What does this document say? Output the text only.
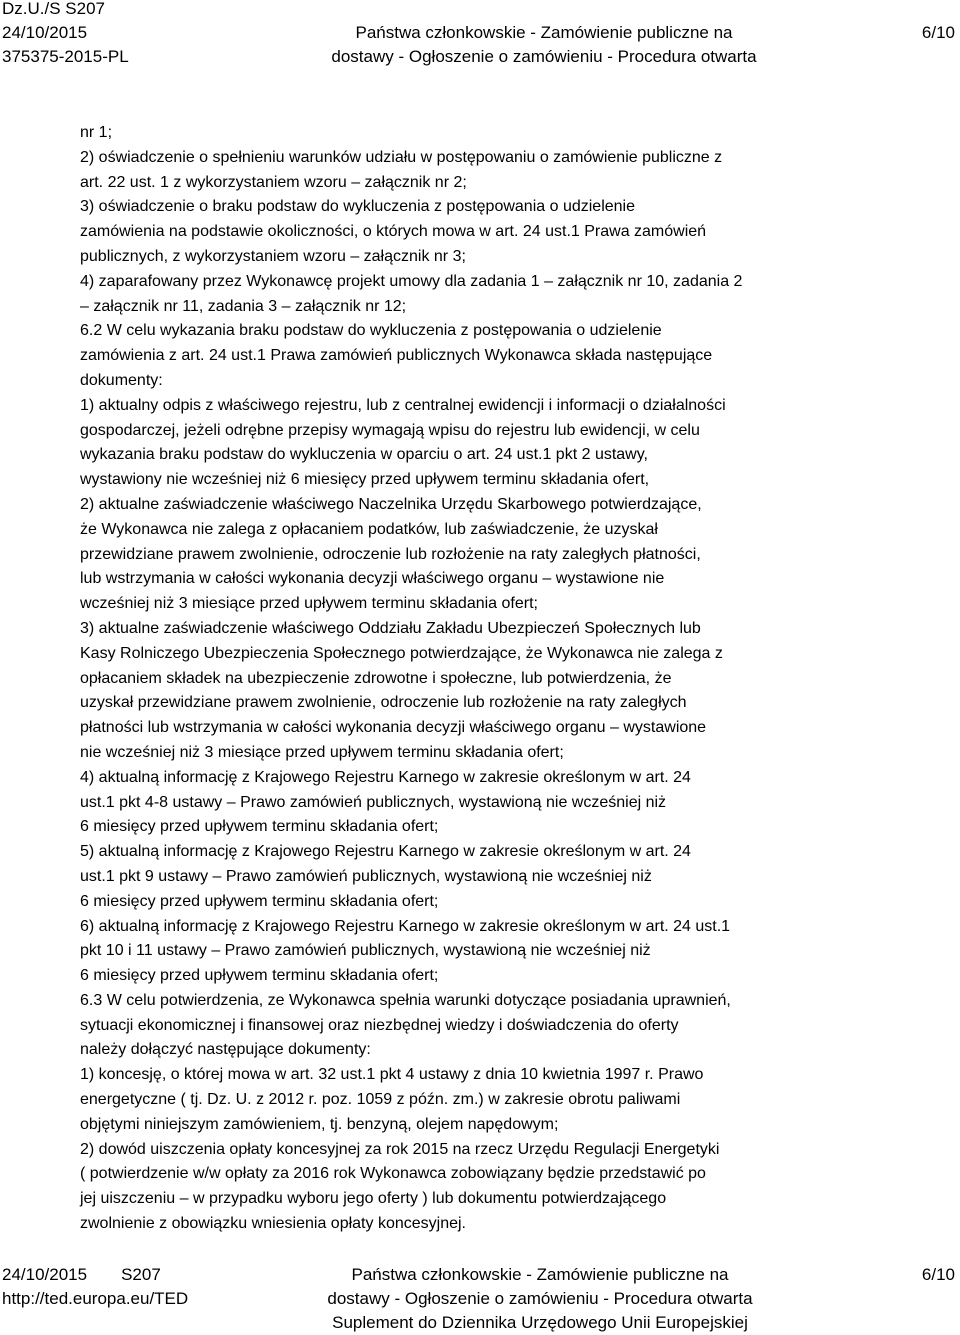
Dz.U./S S207
24/10/2015
375375-2015-PL
Państwa członkowskie - Zamówienie publiczne na
dostawy - Ogłoszenie o zamówieniu - Procedura otwarta
6/10
nr 1;
2) oświadczenie o spełnieniu warunków udziału w postępowaniu o zamówienie publiczne z
art. 22 ust. 1 z wykorzystaniem wzoru – załącznik nr 2;
3) oświadczenie o braku podstaw do wykluczenia z postępowania o udzielenie
zamówienia na podstawie okoliczności, o których mowa w art. 24 ust.1 Prawa zamówień
publicznych, z wykorzystaniem wzoru – załącznik nr 3;
4) zaparafowany przez Wykonawcę projekt umowy dla zadania 1 – załącznik nr 10, zadania 2
– załącznik nr 11, zadania 3 – załącznik nr 12;
6.2 W celu wykazania braku podstaw do wykluczenia z postępowania o udzielenie
zamówienia z art. 24 ust.1 Prawa zamówień publicznych Wykonawca składa następujące
dokumenty:
1) aktualny odpis z właściwego rejestru, lub z centralnej ewidencji i informacji o działalności
gospodarczej, jeżeli odrębne przepisy wymagają wpisu do rejestru lub ewidencji, w celu
wykazania braku podstaw do wykluczenia w oparciu o art. 24 ust.1 pkt 2 ustawy,
wystawiony nie wcześniej niż 6 miesięcy przed upływem terminu składania ofert,
2) aktualne zaświadczenie właściwego Naczelnika Urzędu Skarbowego potwierdzające,
że Wykonawca nie zalega z opłacaniem podatków, lub zaświadczenie, że uzyskał
przewidziane prawem zwolnienie, odroczenie lub rozłożenie na raty zaległych płatności,
lub wstrzymania w całości wykonania decyzji właściwego organu – wystawione nie
wcześniej niż 3 miesiące przed upływem terminu składania ofert;
3) aktualne zaświadczenie właściwego Oddziału Zakładu Ubezpieczeń Społecznych lub
Kasy Rolniczego Ubezpieczenia Społecznego potwierdzające, że Wykonawca nie zalega z
opłacaniem składek na ubezpieczenie zdrowotne i społeczne, lub potwierdzenia, że
uzyskał przewidziane prawem zwolnienie, odroczenie lub rozłożenie na raty zaległych
płatności lub wstrzymania w całości wykonania decyzji właściwego organu – wystawione
nie wcześniej niż 3 miesiące przed upływem terminu składania ofert;
4) aktualną informację z Krajowego Rejestru Karnego w zakresie określonym w art. 24
ust.1 pkt 4-8 ustawy – Prawo zamówień publicznych, wystawioną nie wcześniej niż
6 miesięcy przed upływem terminu składania ofert;
5) aktualną informację z Krajowego Rejestru Karnego w zakresie określonym w art. 24
ust.1 pkt 9 ustawy – Prawo zamówień publicznych, wystawioną nie wcześniej niż
6 miesięcy przed upływem terminu składania ofert;
6) aktualną informację z Krajowego Rejestru Karnego w zakresie określonym w art. 24 ust.1
pkt 10 i 11 ustawy – Prawo zamówień publicznych, wystawioną nie wcześniej niż
6 miesięcy przed upływem terminu składania ofert;
6.3 W celu potwierdzenia, ze Wykonawca spełnia warunki dotyczące posiadania uprawnień,
sytuacji ekonomicznej i finansowej oraz niezbędnej wiedzy i doświadczenia do oferty
należy dołączyć następujące dokumenty:
1) koncesję, o której mowa w art. 32 ust.1 pkt 4 ustawy z dnia 10 kwietnia 1997 r. Prawo
energetyczne ( tj. Dz. U. z 2012 r. poz. 1059 z późn. zm.) w zakresie obrotu paliwami
objętymi niniejszym zamówieniem, tj. benzyną, olejem napędowym;
2) dowód uiszczenia opłaty koncesyjnej za rok 2015 na rzecz Urzędu Regulacji Energetyki
( potwierdzenie w/w opłaty za 2016 rok Wykonawca zobowiązany będzie przedstawić po
jej uiszczeniu – w przypadku wyboru jego oferty ) lub dokumentu potwierdzającego
zwolnienie z obowiązku wniesienia opłaty koncesyjnej.
24/10/2015 S207
http://ted.europa.eu/TED
Państwa członkowskie - Zamówienie publiczne na
dostawy - Ogłoszenie o zamówieniu - Procedura otwarta
Suplement do Dziennika Urzędowego Unii Europejskiej
6/10
